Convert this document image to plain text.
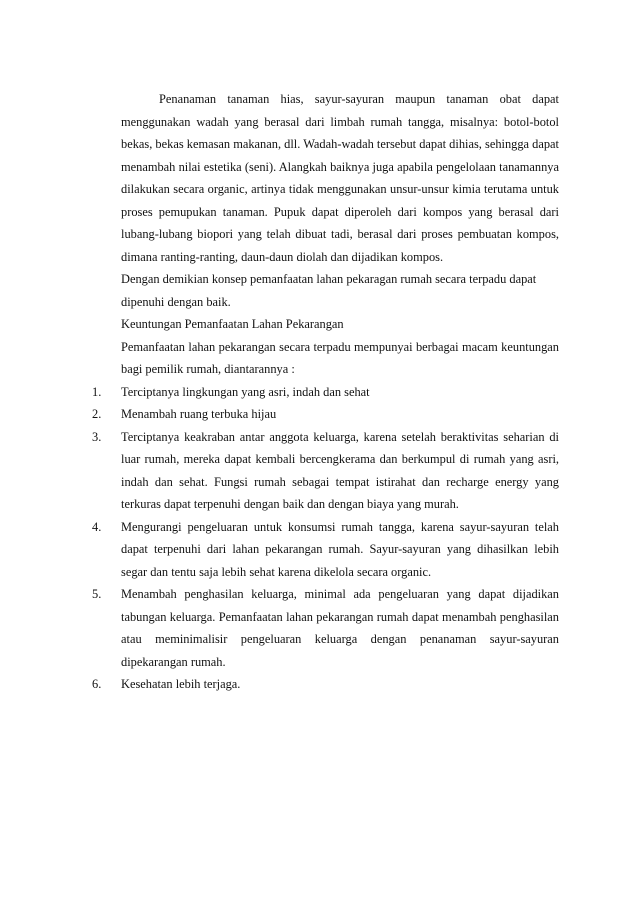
Penanaman tanaman hias, sayur-sayuran maupun tanaman obat dapat menggunakan wadah yang berasal dari limbah rumah tangga, misalnya: botol-botol bekas, bekas kemasan makanan, dll. Wadah-wadah tersebut dapat dihias, sehingga dapat menambah nilai estetika (seni). Alangkah baiknya juga apabila pengelolaan tanamannya dilakukan secara organic, artinya tidak menggunakan unsur-unsur kimia terutama untuk proses pemupukan tanaman. Pupuk dapat diperoleh dari kompos yang berasal dari lubang-lubang biopori yang telah dibuat tadi, berasal dari proses pembuatan kompos, dimana ranting-ranting, daun-daun diolah dan dijadikan kompos.

Dengan demikian konsep pemanfaatan lahan pekaragan rumah secara terpadu dapat dipenuhi dengan baik.

Keuntungan Pemanfaatan Lahan Pekarangan

Pemanfaatan lahan pekarangan secara terpadu mempunyai berbagai macam keuntungan bagi pemilik rumah, diantarannya :

1. Terciptanya lingkungan yang asri, indah dan sehat
2. Menambah ruang terbuka hijau
3. Terciptanya keakraban antar anggota keluarga, karena setelah beraktivitas seharian di luar rumah, mereka dapat kembali bercengkerama dan berkumpul di rumah yang asri, indah dan sehat. Fungsi rumah sebagai tempat istirahat dan recharge energy yang terkuras dapat terpenuhi dengan baik dan dengan biaya yang murah.
4. Mengurangi pengeluaran untuk konsumsi rumah tangga, karena sayur-sayuran telah dapat terpenuhi dari lahan pekarangan rumah. Sayur-sayuran yang dihasilkan lebih segar dan tentu saja lebih sehat karena dikelola secara organic.
5. Menambah penghasilan keluarga, minimal ada pengeluaran yang dapat dijadikan tabungan keluarga. Pemanfaatan lahan pekarangan rumah dapat menambah penghasilan atau meminimalisir pengeluaran keluarga dengan penanaman sayur-sayuran dipekarangan rumah.
6. Kesehatan lebih terjaga.
